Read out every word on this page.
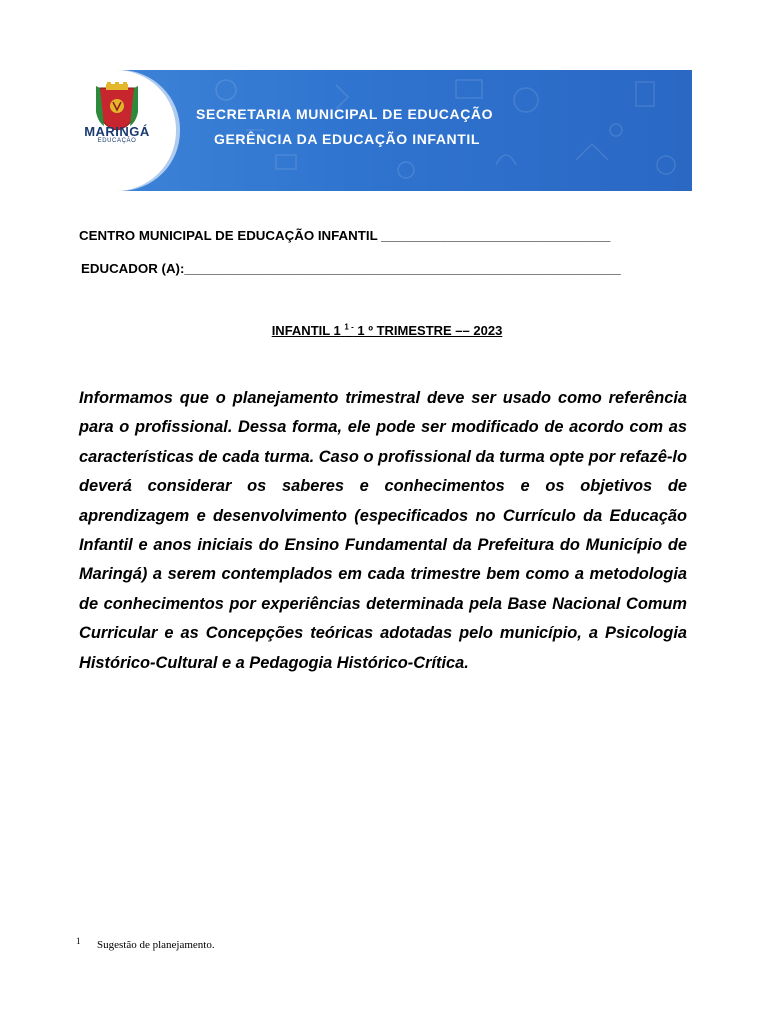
MARINGÁ
EDUCAÇÃO
SECRETARIA MUNICIPAL DE EDUCAÇÃO
GERÊNCIA DA EDUCAÇÃO INFANTIL
CENTRO MUNICIPAL DE EDUCAÇÃO INFANTIL _______________________________
EDUCADOR (A):___________________________________________________________
INFANTIL 1 $^{1 -}$ 1 º TRIMESTRE –– 2023
Informamos que o planejamento trimestral deve ser usado como referência para o profissional. Dessa forma, ele pode ser modificado de acordo com as características de cada turma. Caso o profissional da turma opte por refazê-lo deverá considerar os saberes e conhecimentos e os objetivos de aprendizagem e desenvolvimento (especificados no Currículo da Educação Infantil e anos iniciais do Ensino Fundamental da Prefeitura do Município de Maringá) a serem contemplados em cada trimestre bem como a metodologia de conhecimentos por experiências determinada pela Base Nacional Comum Curricular e as Concepções teóricas adotadas pelo município, a Psicologia Histórico-Cultural e a Pedagogia Histórico-Crítica.
1 Sugestão de planejamento.
